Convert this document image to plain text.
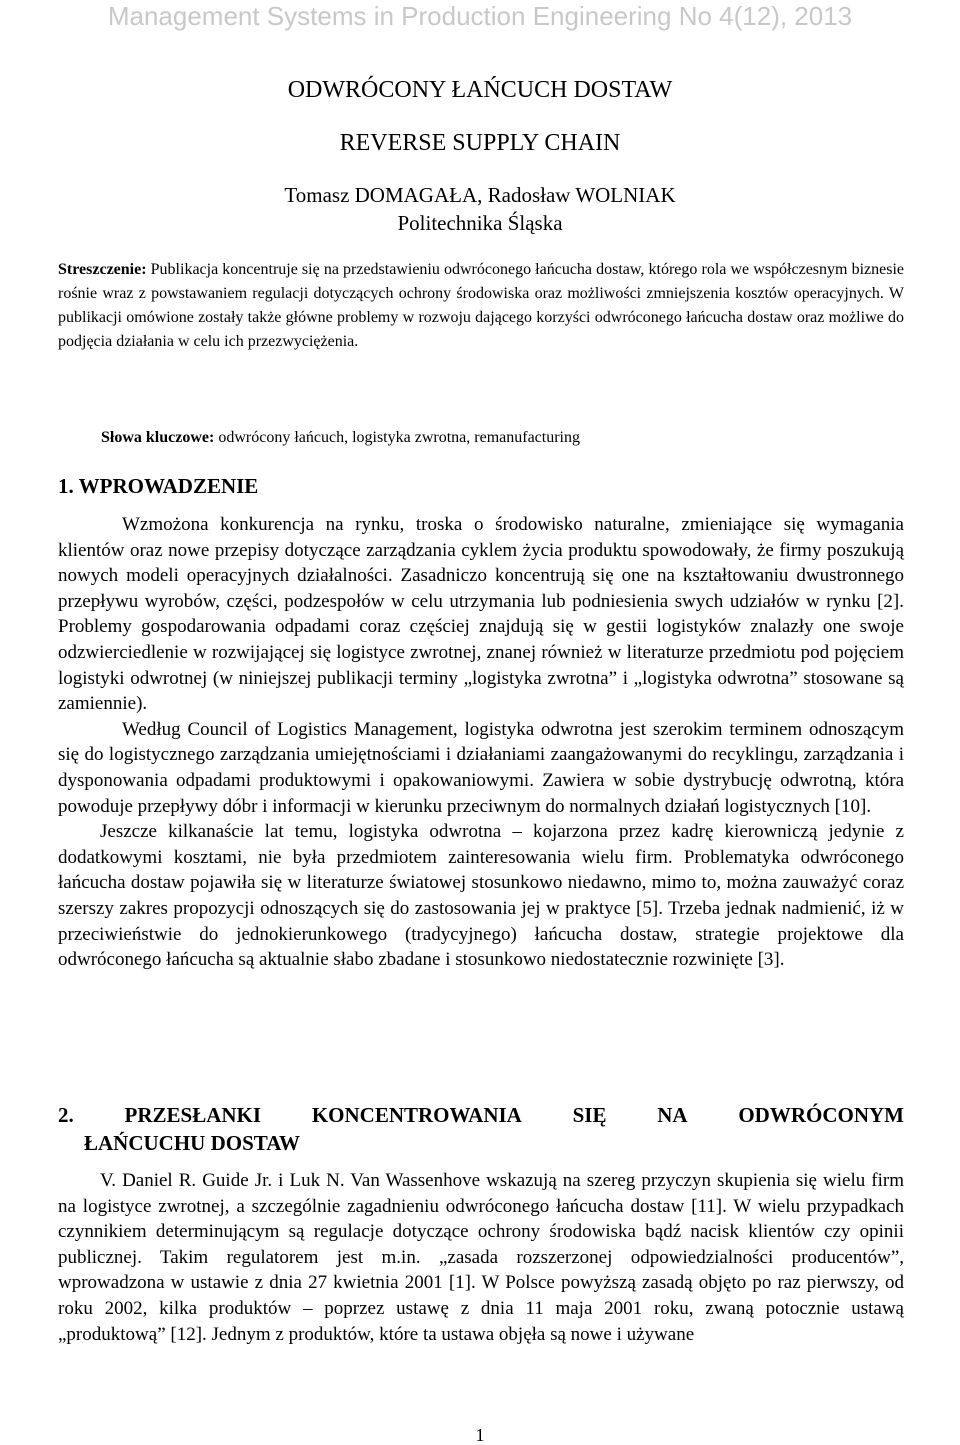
Management Systems in Production Engineering No 4(12), 2013
ODWRÓCONY ŁAŃCUCH DOSTAW
REVERSE SUPPLY CHAIN
Tomasz DOMAGAŁA, Radosław WOLNIAK
Politechnika Śląska

Streszczenie: Publikacja koncentruje się na przedstawieniu odwróconego łańcucha dostaw, którego rola we współczesnym biznesie rośnie wraz z powstawaniem regulacji dotyczących ochrony środowiska oraz możliwości zmniejszenia kosztów operacyjnych. W publikacji omówione zostały także główne problemy w rozwoju dającego korzyści odwróconego łańcucha dostaw oraz możliwe do podjęcia działania w celu ich przezwyciężenia.

Słowa kluczowe: odwrócony łańcuch, logistyka zwrotna, remanufacturing

1. WPROWADZENIE

Wzmożona konkurencja na rynku, troska o środowisko naturalne, zmieniające się wymagania klientów oraz nowe przepisy dotyczące zarządzania cyklem życia produktu spowodowały, że firmy poszukują nowych modeli operacyjnych działalności. Zasadniczo koncentrują się one na kształtowaniu dwustronnego przepływu wyrobów, części, podzespołów w celu utrzymania lub podniesienia swych udziałów w rynku [2]. Problemy gospodarowania odpadami coraz częściej znajdują się w gestii logistyków znalazły one swoje odzwierciedlenie w rozwijającej się logistyce zwrotnej, znanej również w literaturze przedmiotu pod pojęciem logistyki odwrotnej (w niniejszej publikacji terminy „logistyka zwrotna” i „logistyka odwrotna” stosowane są zamiennie).

Według Council of Logistics Management, logistyka odwrotna jest szerokim terminem odnoszącym się do logistycznego zarządzania umiejętnościami i działaniami zaangażowanymi do recyklingu, zarządzania i dysponowania odpadami produktowymi i opakowaniowymi. Zawiera w sobie dystrybucję odwrotną, która powoduje przepływy dóbr i informacji w kierunku przeciwnym do normalnych działań logistycznych [10].

Jeszcze kilkanaście lat temu, logistyka odwrotna – kojarzona przez kadrę kierowniczą jedynie z dodatkowymi kosztami, nie była przedmiotem zainteresowania wielu firm. Problematyka odwróconego łańcucha dostaw pojawiła się w literaturze światowej stosunkowo niedawno, mimo to, można zauważyć coraz szerszy zakres propozycji odnoszących się do zastosowania jej w praktyce [5]. Trzeba jednak nadmienić, iż w przeciwieństwie do jednokierunkowego (tradycyjnego) łańcucha dostaw, strategie projektowe dla odwróconego łańcucha są aktualnie słabo zbadane i stosunkowo niedostatecznie rozwinięte [3].

2. PRZESŁANKI KONCENTROWANIA SIĘ NA ODWRÓCONYM
ŁAŃCUCHU DOSTAW

V. Daniel R. Guide Jr. i Luk N. Van Wassenhove wskazują na szereg przyczyn skupienia się wielu firm na logistyce zwrotnej, a szczególnie zagadnieniu odwróconego łańcucha dostaw [11]. W wielu przypadkach czynnikiem determinującym są regulacje dotyczące ochrony środowiska bądź nacisk klientów czy opinii publicznej. Takim regulatorem jest m.in. „zasada rozszerzonej odpowiedzialności producentów”, wprowadzona w ustawie z dnia 27 kwietnia 2001 [1]. W Polsce powyższą zasadą objęto po raz pierwszy, od roku 2002, kilka produktów – poprzez ustawę z dnia 11 maja 2001 roku, zwaną potocznie ustawą „produktową” [12]. Jednym z produktów, które ta ustawa objęła są nowe i używane

1
